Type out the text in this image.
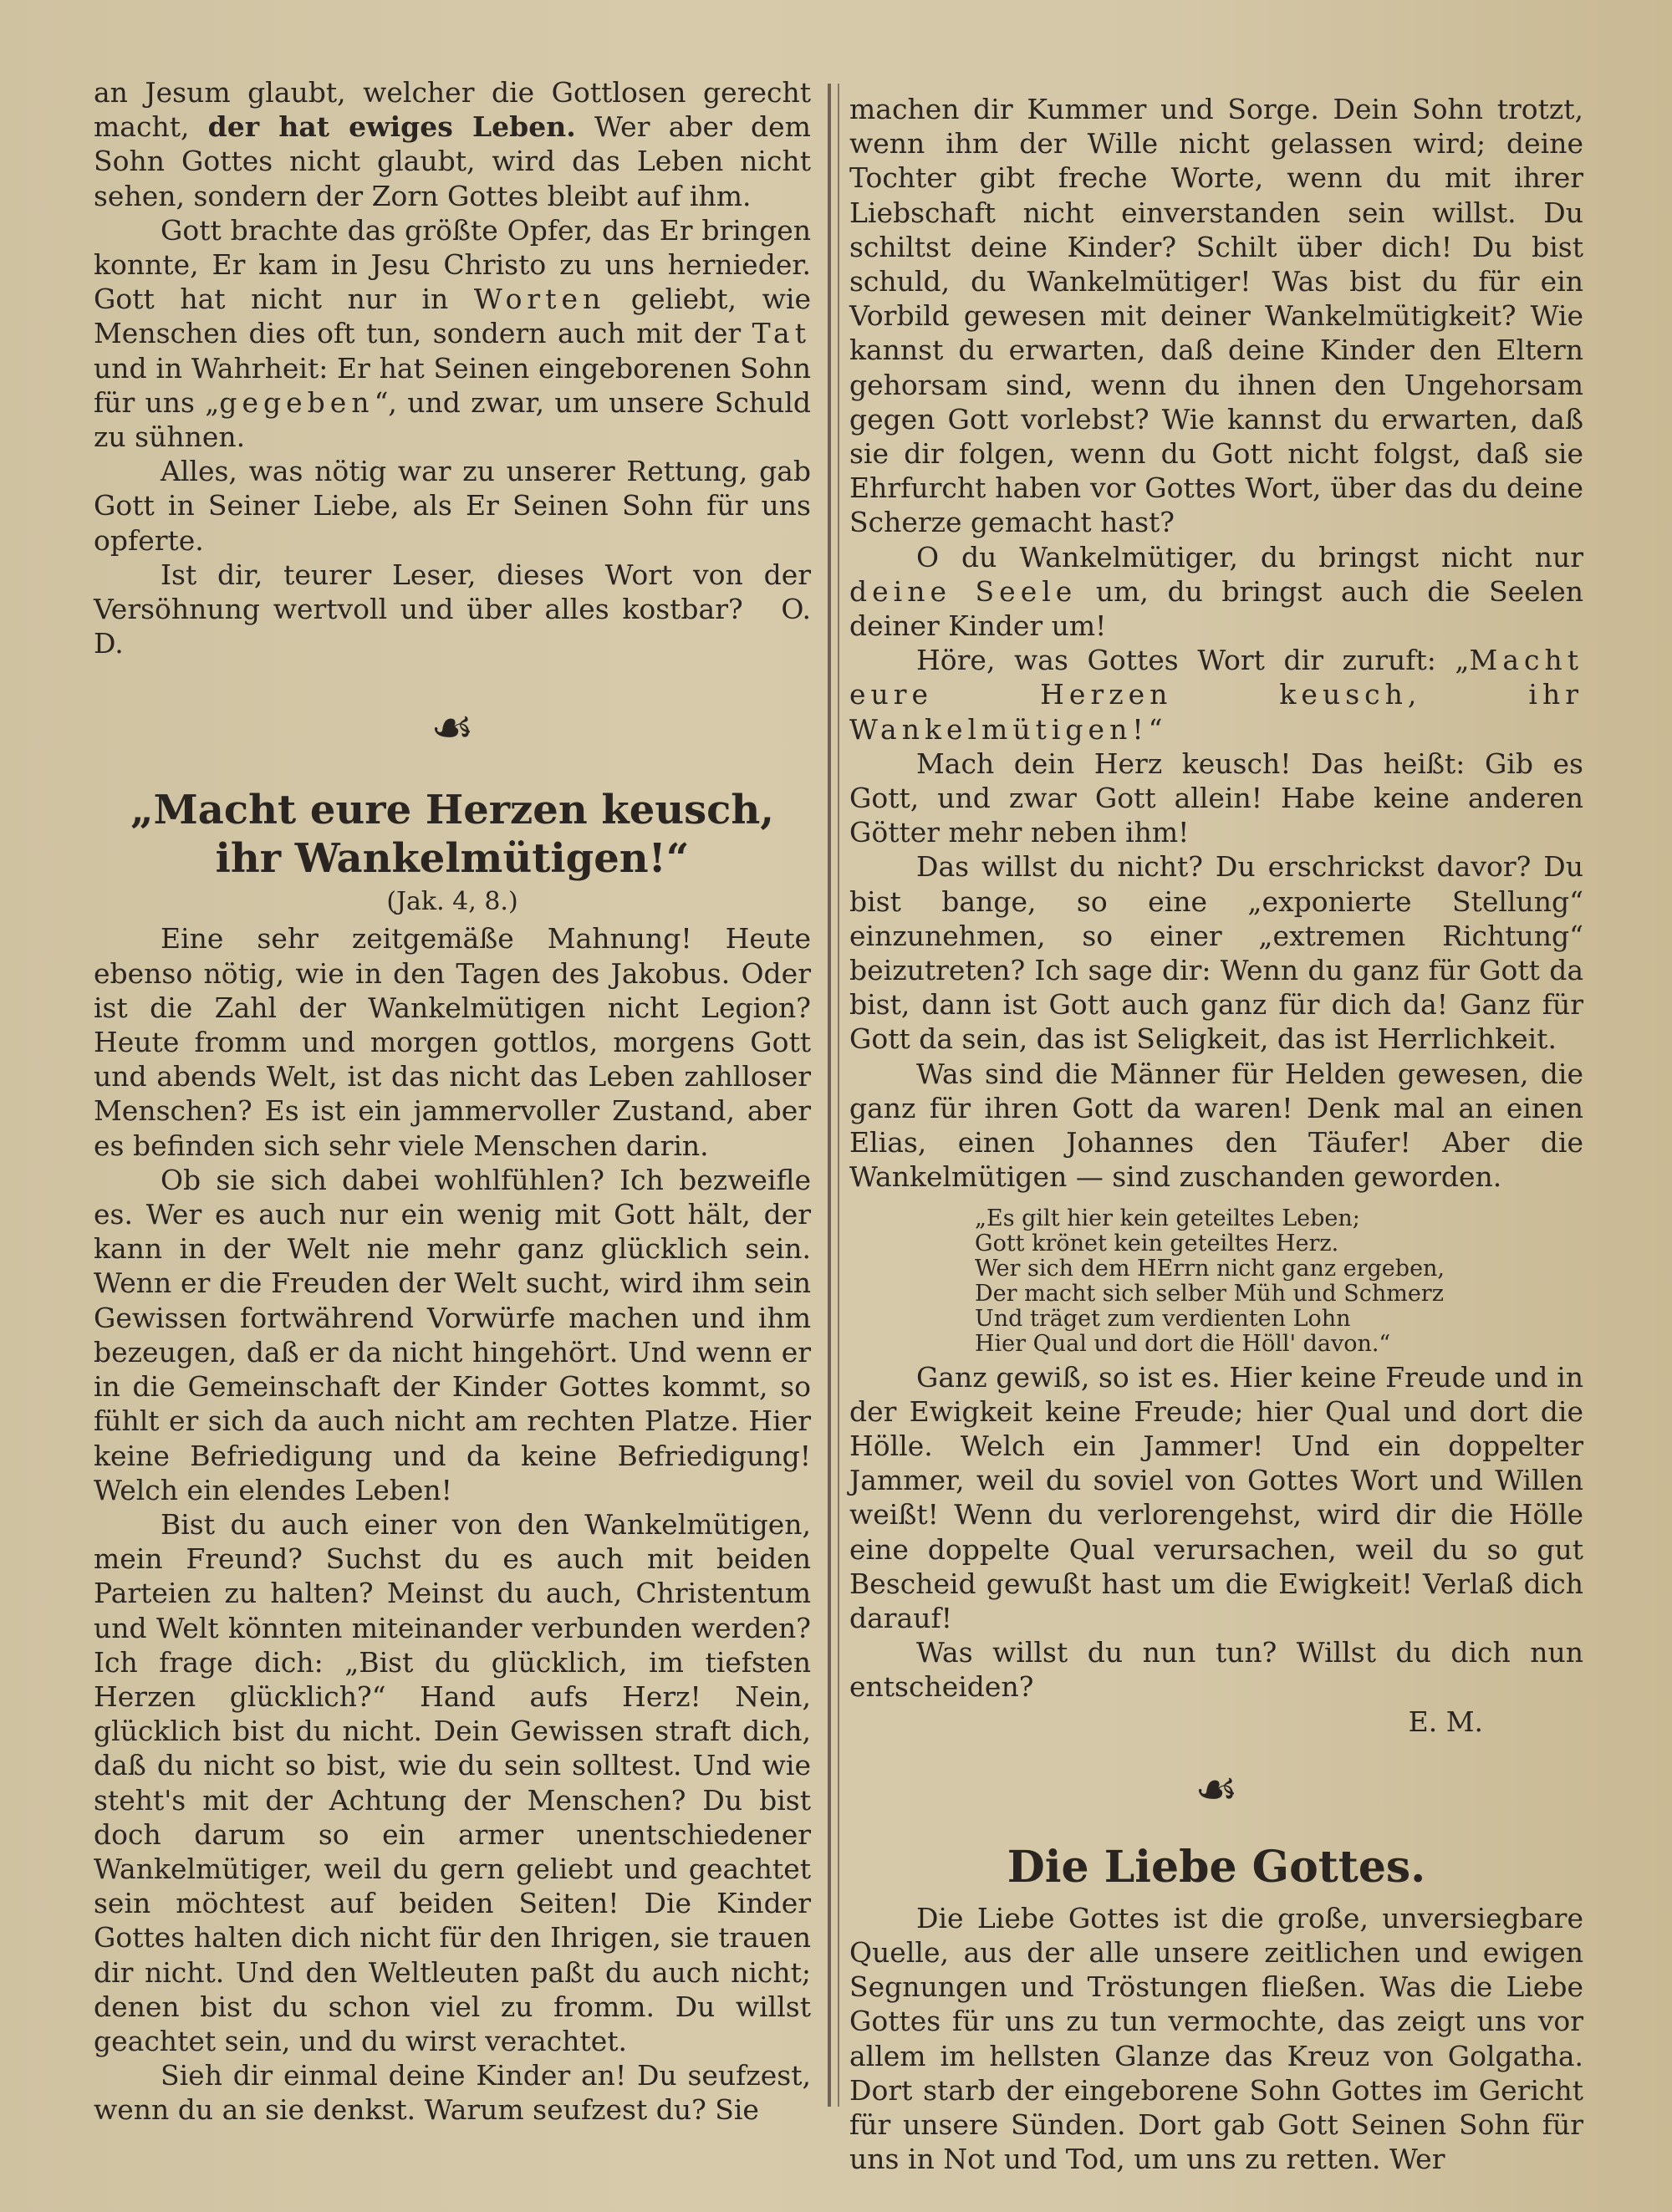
an Jesum glaubt, welcher die Gottlosen gerecht macht, der hat ewiges Leben. Wer aber dem Sohn Gottes nicht glaubt, wird das Leben nicht sehen, sondern der Zorn Gottes bleibt auf ihm.

Gott brachte das größte Opfer, das Er bringen konnte, Er kam in Jesu Christo zu uns hernieder. Gott hat nicht nur in Worten geliebt, wie Menschen dies oft tun, sondern auch mit der Tat und in Wahrheit: Er hat Seinen eingeborenen Sohn für uns „gegeben“, und zwar, um unsere Schuld zu sühnen.

Alles, was nötig war zu unserer Rettung, gab Gott in Seiner Liebe, als Er Seinen Sohn für uns opferte.

Ist dir, teurer Leser, dieses Wort von der Versöhnung wertvoll und über alles kostbar? O. D.

☙
„Macht eure Herzen keusch, ihr Wankelmütigen!“
(Jak. 4, 8.)

Eine sehr zeitgemäße Mahnung! Heute ebenso nötig, wie in den Tagen des Jakobus. Oder ist die Zahl der Wankelmütigen nicht Legion? Heute fromm und morgen gottlos, morgens Gott und abends Welt, ist das nicht das Leben zahlloser Menschen? Es ist ein jammervoller Zustand, aber es befinden sich sehr viele Menschen darin.

Ob sie sich dabei wohlfühlen? Ich bezweifle es. Wer es auch nur ein wenig mit Gott hält, der kann in der Welt nie mehr ganz glücklich sein. Wenn er die Freuden der Welt sucht, wird ihm sein Gewissen fortwährend Vorwürfe machen und ihm bezeugen, daß er da nicht hingehört. Und wenn er in die Gemeinschaft der Kinder Gottes kommt, so fühlt er sich da auch nicht am rechten Platze. Hier keine Befriedigung und da keine Befriedigung! Welch ein elendes Leben!

Bist du auch einer von den Wankelmütigen, mein Freund? Suchst du es auch mit beiden Parteien zu halten? Meinst du auch, Christentum und Welt könnten miteinander verbunden werden? Ich frage dich: „Bist du glücklich, im tiefsten Herzen glücklich?“ Hand aufs Herz! Nein, glücklich bist du nicht. Dein Gewissen straft dich, daß du nicht so bist, wie du sein solltest. Und wie steht's mit der Achtung der Menschen? Du bist doch darum so ein armer unentschiedener Wankelmütiger, weil du gern geliebt und geachtet sein möchtest auf beiden Seiten! Die Kinder Gottes halten dich nicht für den Ihrigen, sie trauen dir nicht. Und den Weltleuten paßt du auch nicht; denen bist du schon viel zu fromm. Du willst geachtet sein, und du wirst verachtet.

Sieh dir einmal deine Kinder an! Du seufzest, wenn du an sie denkst. Warum seufzest du? Sie

machen dir Kummer und Sorge. Dein Sohn trotzt, wenn ihm der Wille nicht gelassen wird; deine Tochter gibt freche Worte, wenn du mit ihrer Liebschaft nicht einverstanden sein willst. Du schiltst deine Kinder? Schilt über dich! Du bist schuld, du Wankelmütiger! Was bist du für ein Vorbild gewesen mit deiner Wankelmütigkeit? Wie kannst du erwarten, daß deine Kinder den Eltern gehorsam sind, wenn du ihnen den Ungehorsam gegen Gott vorlebst? Wie kannst du erwarten, daß sie dir folgen, wenn du Gott nicht folgst, daß sie Ehrfurcht haben vor Gottes Wort, über das du deine Scherze gemacht hast?

O du Wankelmütiger, du bringst nicht nur deine Seele um, du bringst auch die Seelen deiner Kinder um!

Höre, was Gottes Wort dir zuruft: „Macht eure Herzen keusch, ihr Wankelmütigen!“

Mach dein Herz keusch! Das heißt: Gib es Gott, und zwar Gott allein! Habe keine anderen Götter mehr neben ihm!

Das willst du nicht? Du erschrickst davor? Du bist bange, so eine „exponierte Stellung“ einzunehmen, so einer „extremen Richtung“ beizutreten? Ich sage dir: Wenn du ganz für Gott da bist, dann ist Gott auch ganz für dich da! Ganz für Gott da sein, das ist Seligkeit, das ist Herrlichkeit.

Was sind die Männer für Helden gewesen, die ganz für ihren Gott da waren! Denk mal an einen Elias, einen Johannes den Täufer! Aber die Wankelmütigen — sind zuschanden geworden.

„Es gilt hier kein geteiltes Leben;
Gott krönet kein geteiltes Herz.
Wer sich dem HErrn nicht ganz ergeben,
Der macht sich selber Müh und Schmerz
Und träget zum verdienten Lohn
Hier Qual und dort die Höll' davon.“

Ganz gewiß, so ist es. Hier keine Freude und in der Ewigkeit keine Freude; hier Qual und dort die Hölle. Welch ein Jammer! Und ein doppelter Jammer, weil du soviel von Gottes Wort und Willen weißt! Wenn du verlorengehst, wird dir die Hölle eine doppelte Qual verursachen, weil du so gut Bescheid gewußt hast um die Ewigkeit! Verlaß dich darauf!

Was willst du nun tun? Willst du dich nun entscheiden?

E. M.

☙
Die Liebe Gottes.

Die Liebe Gottes ist die große, unversiegbare Quelle, aus der alle unsere zeitlichen und ewigen Segnungen und Tröstungen fließen. Was die Liebe Gottes für uns zu tun vermochte, das zeigt uns vor allem im hellsten Glanze das Kreuz von Golgatha. Dort starb der eingeborene Sohn Gottes im Gericht für unsere Sünden. Dort gab Gott Seinen Sohn für uns in Not und Tod, um uns zu retten. Wer
